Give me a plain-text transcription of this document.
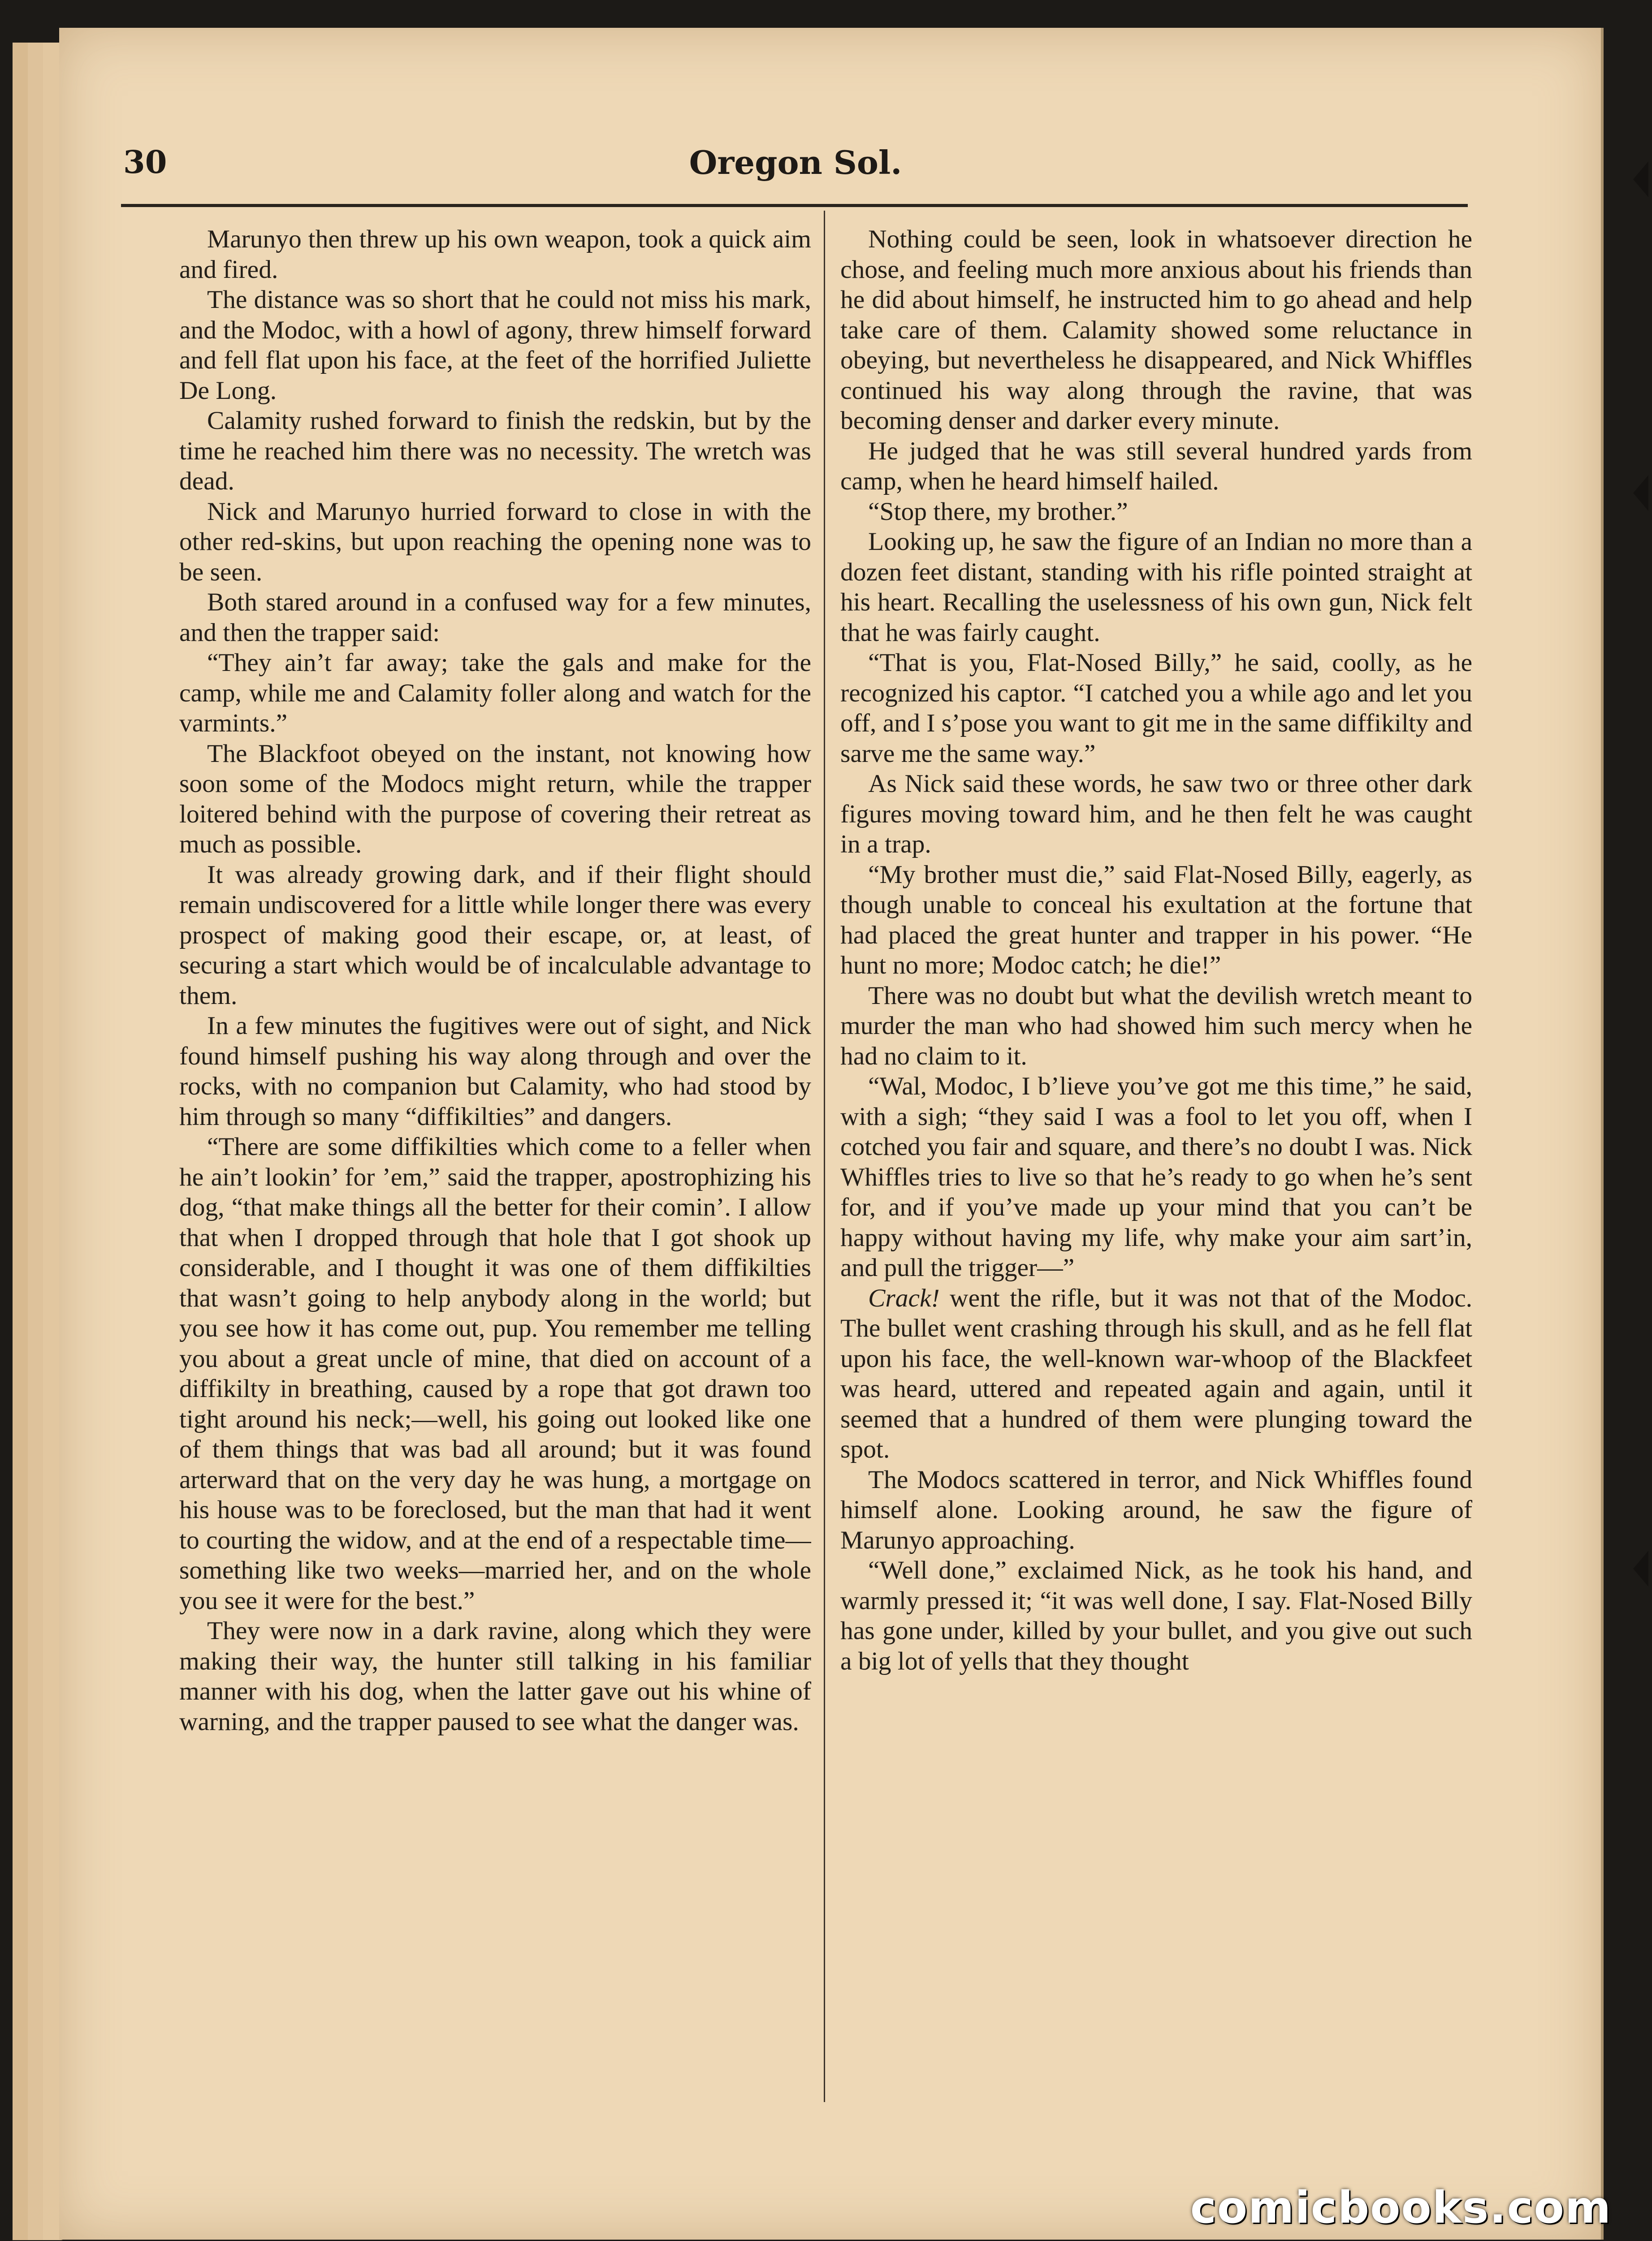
Oregon Sol.
30

Marunyo then threw up his own weapon, took a quick aim and fired.

The distance was so short that he could not miss his mark, and the Modoc, with a howl of agony, threw himself forward and fell flat upon his face, at the feet of the horrified Juliette De Long.

Calamity rushed forward to finish the redskin, but by the time he reached him there was no necessity. The wretch was dead.

Nick and Marunyo hurried forward to close in with the other red-skins, but upon reaching the opening none was to be seen.

Both stared around in a confused way for a few minutes, and then the trapper said:

“They ain’t far away; take the gals and make for the camp, while me and Calamity foller along and watch for the varmints.”

The Blackfoot obeyed on the instant, not knowing how soon some of the Modocs might return, while the trapper loitered behind with the purpose of covering their retreat as much as possible.

It was already growing dark, and if their flight should remain undiscovered for a little while longer there was every prospect of making good their escape, or, at least, of securing a start which would be of incalculable advantage to them.

In a few minutes the fugitives were out of sight, and Nick found himself pushing his way along through and over the rocks, with no companion but Calamity, who had stood by him through so many “diffikilties” and dangers.

“There are some diffikilties which come to a feller when he ain’t lookin’ for ’em,” said the trapper, apostrophizing his dog, “that make things all the better for their comin’. I allow that when I dropped through that hole that I got shook up considerable, and I thought it was one of them diffikilties that wasn’t going to help anybody along in the world; but you see how it has come out, pup. You remember me telling you about a great uncle of mine, that died on account of a diffikilty in breathing, caused by a rope that got drawn too tight around his neck;—well, his going out looked like one of them things that was bad all around; but it was found arterward that on the very day he was hung, a mortgage on his house was to be foreclosed, but the man that had it went to courting the widow, and at the end of a respectable time—something like two weeks—married her, and on the whole you see it were for the best.”

They were now in a dark ravine, along which they were making their way, the hunter still talking in his familiar manner with his dog, when the latter gave out his whine of warning, and the trapper paused to see what the danger was.

Nothing could be seen, look in whatsoever direction he chose, and feeling much more anxious about his friends than he did about himself, he instructed him to go ahead and help take care of them. Calamity showed some reluctance in obeying, but nevertheless he disappeared, and Nick Whiffles continued his way along through the ravine, that was becoming denser and darker every minute.

He judged that he was still several hundred yards from camp, when he heard himself hailed.

“Stop there, my brother.”

Looking up, he saw the figure of an Indian no more than a dozen feet distant, standing with his rifle pointed straight at his heart. Recalling the uselessness of his own gun, Nick felt that he was fairly caught.

“That is you, Flat-Nosed Billy,” he said, coolly, as he recognized his captor. “I catched you a while ago and let you off, and I s’pose you want to git me in the same diffikilty and sarve me the same way.”

As Nick said these words, he saw two or three other dark figures moving toward him, and he then felt he was caught in a trap.

“My brother must die,” said Flat-Nosed Billy, eagerly, as though unable to conceal his exultation at the fortune that had placed the great hunter and trapper in his power. “He hunt no more; Modoc catch; he die!”

There was no doubt but what the devilish wretch meant to murder the man who had showed him such mercy when he had no claim to it.

“Wal, Modoc, I b’lieve you’ve got me this time,” he said, with a sigh; “they said I was a fool to let you off, when I cotched you fair and square, and there’s no doubt I was. Nick Whiffles tries to live so that he’s ready to go when he’s sent for, and if you’ve made up your mind that you can’t be happy without having my life, why make your aim sart’in, and pull the trigger—”

Crack! went the rifle, but it was not that of the Modoc. The bullet went crashing through his skull, and as he fell flat upon his face, the well-known war-whoop of the Blackfeet was heard, uttered and repeated again and again, until it seemed that a hundred of them were plunging toward the spot.

The Modocs scattered in terror, and Nick Whiffles found himself alone. Looking around, he saw the figure of Marunyo approaching.

“Well done,” exclaimed Nick, as he took his hand, and warmly pressed it; “it was well done, I say. Flat-Nosed Billy has gone under, killed by your bullet, and you give out such a big lot of yells that they thought

comicbooks.com
